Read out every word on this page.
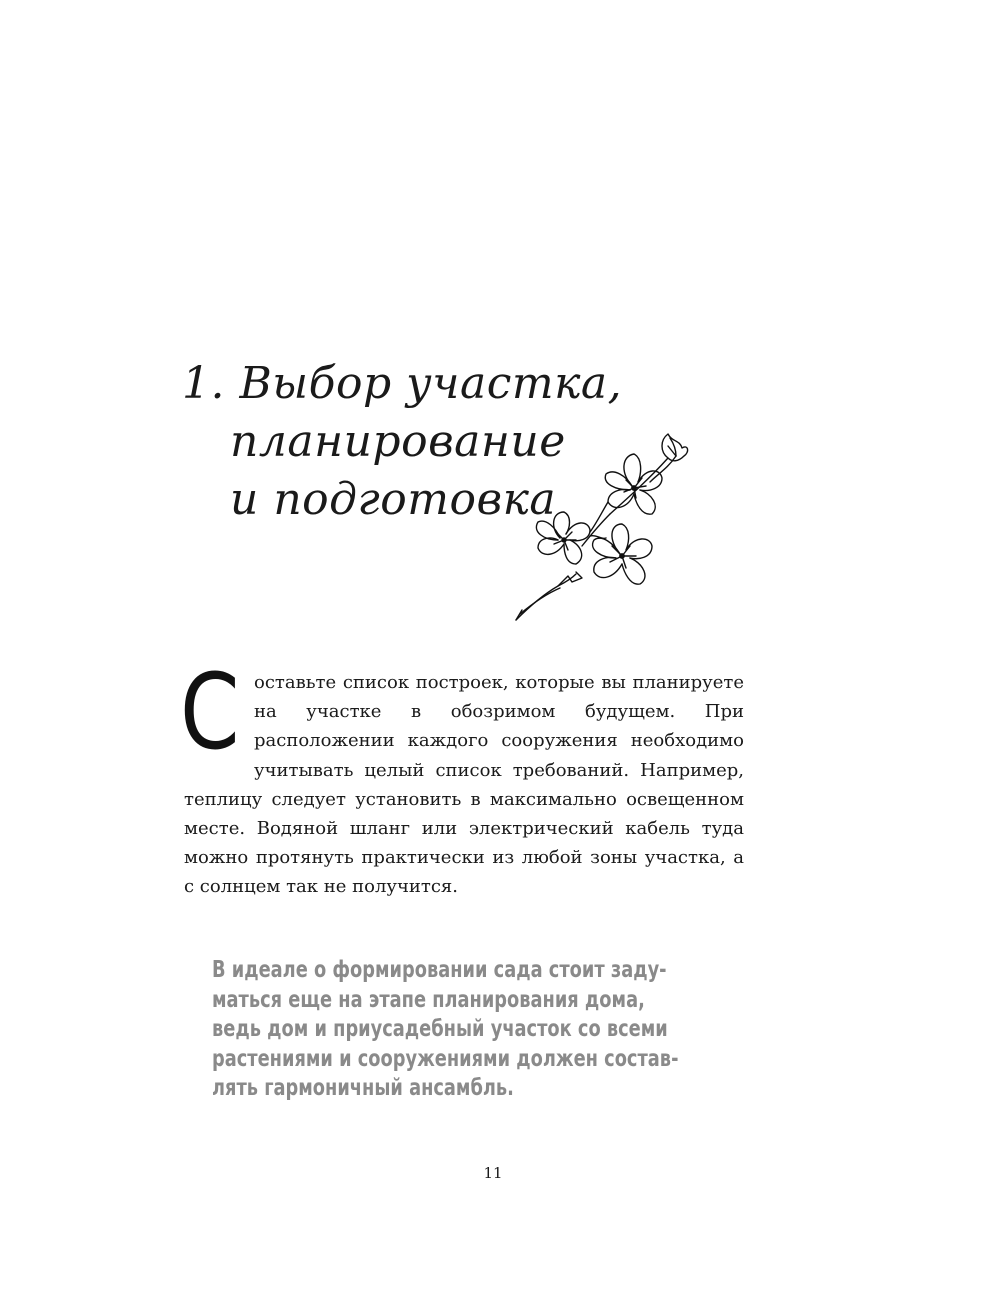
1. Выбор участка,
планирование
и подготовка
Составьте список построек, которые вы планируете на участке в обозримом будущем. При расположении каждого сооружения необходимо учитывать целый список требований. Например, теплицу следует установить в максимально освещенном месте. Водяной шланг или электрический кабель туда можно протянуть практически из любой зоны участка, а с солнцем так не получится.
В идеале о формировании сада стоит заду-
маться еще на этапе планирования дома,
ведь дом и приусадебный участок со всеми
растениями и сооружениями должен состав-
лять гармоничный ансамбль.
11
